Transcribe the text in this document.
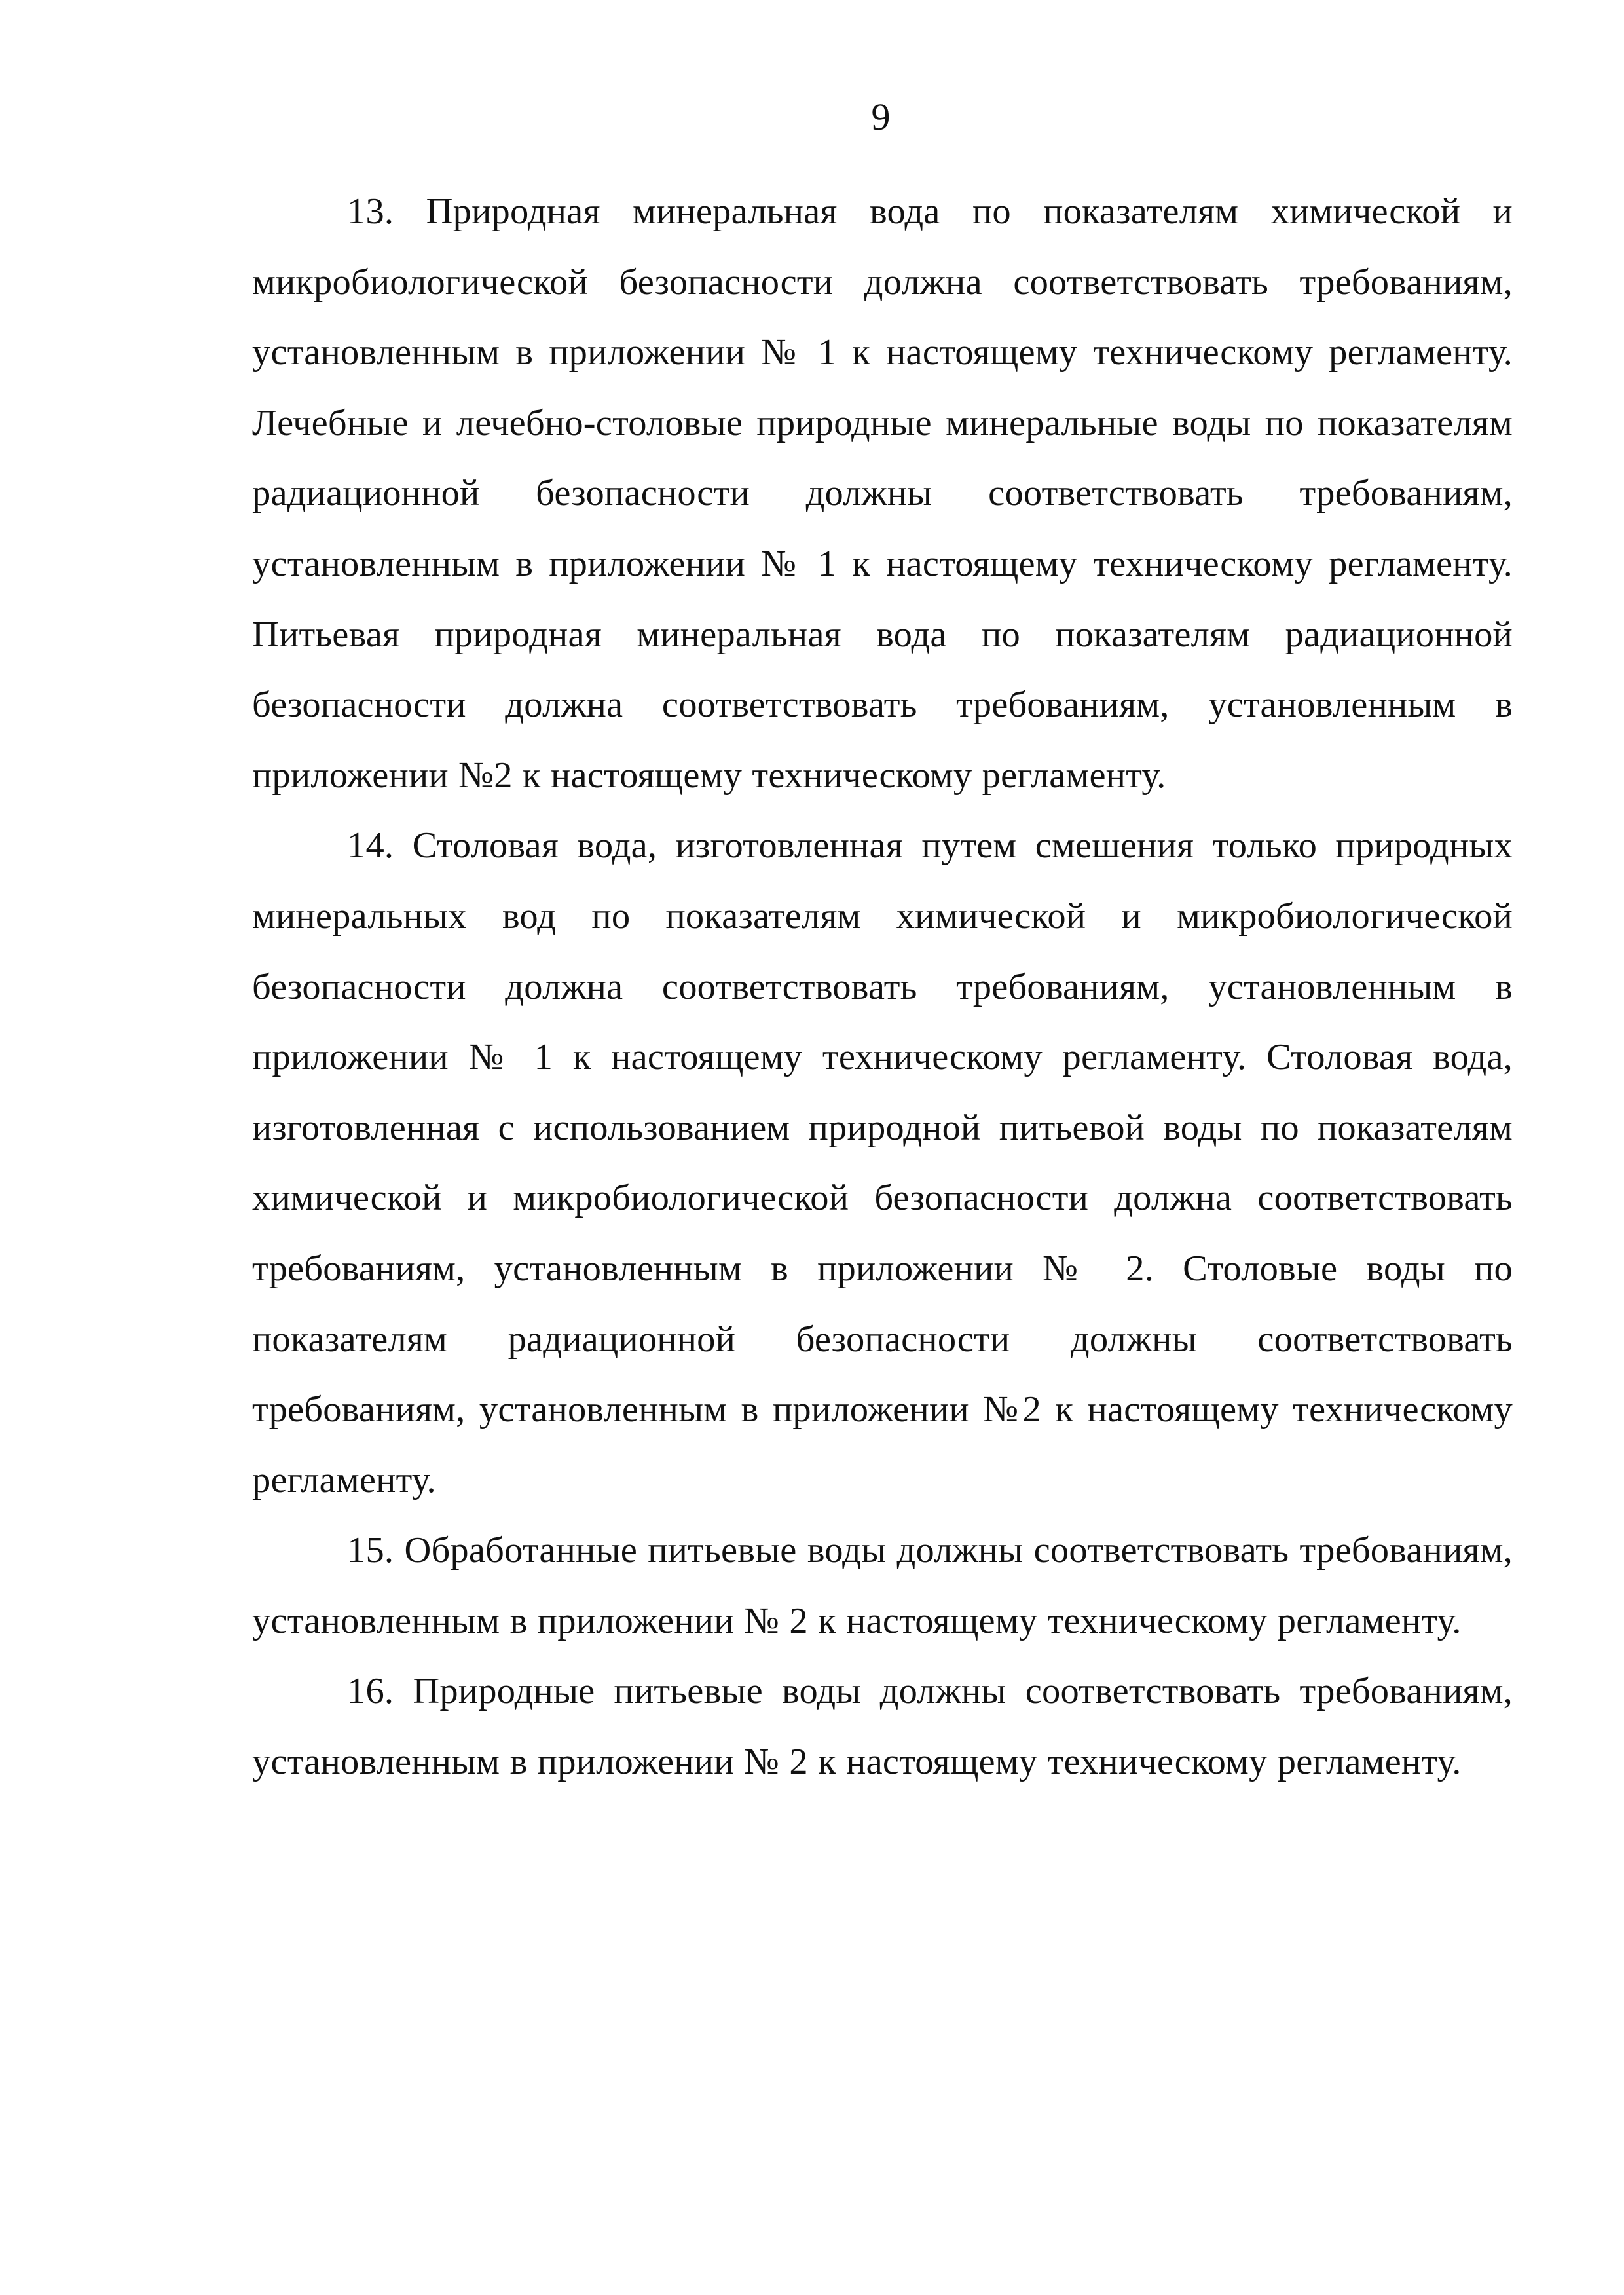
9

13. Природная минеральная вода по показателям химической и микробиологической безопасности должна соответствовать требованиям, установленным в приложении № 1 к настоящему техническому регламенту. Лечебные и лечебно-столовые природные минеральные воды по показателям радиационной безопасности должны соответствовать требованиям, установленным в приложении № 1 к настоящему техническому регламенту. Питьевая природная минеральная вода по показателям радиационной безопасности должна соответствовать требованиям, установленным в приложении №2 к настоящему техническому регламенту.

14. Столовая вода, изготовленная путем смешения только природных минеральных вод по показателям химической и микробиологической безопасности должна соответствовать требованиям, установленным в приложении № 1 к настоящему техническому регламенту. Столовая вода, изготовленная с использованием природной питьевой воды по показателям химической и микробиологической безопасности должна соответствовать требованиям, установленным в приложении № 2. Столовые воды по показателям радиационной безопасности должны соответствовать требованиям, установленным в приложении №2 к настоящему техническому регламенту.

15. Обработанные питьевые воды должны соответствовать требованиям, установленным в приложении № 2 к настоящему техническому регламенту.

16. Природные питьевые воды должны соответствовать требованиям, установленным в приложении № 2 к настоящему техническому регламенту.
